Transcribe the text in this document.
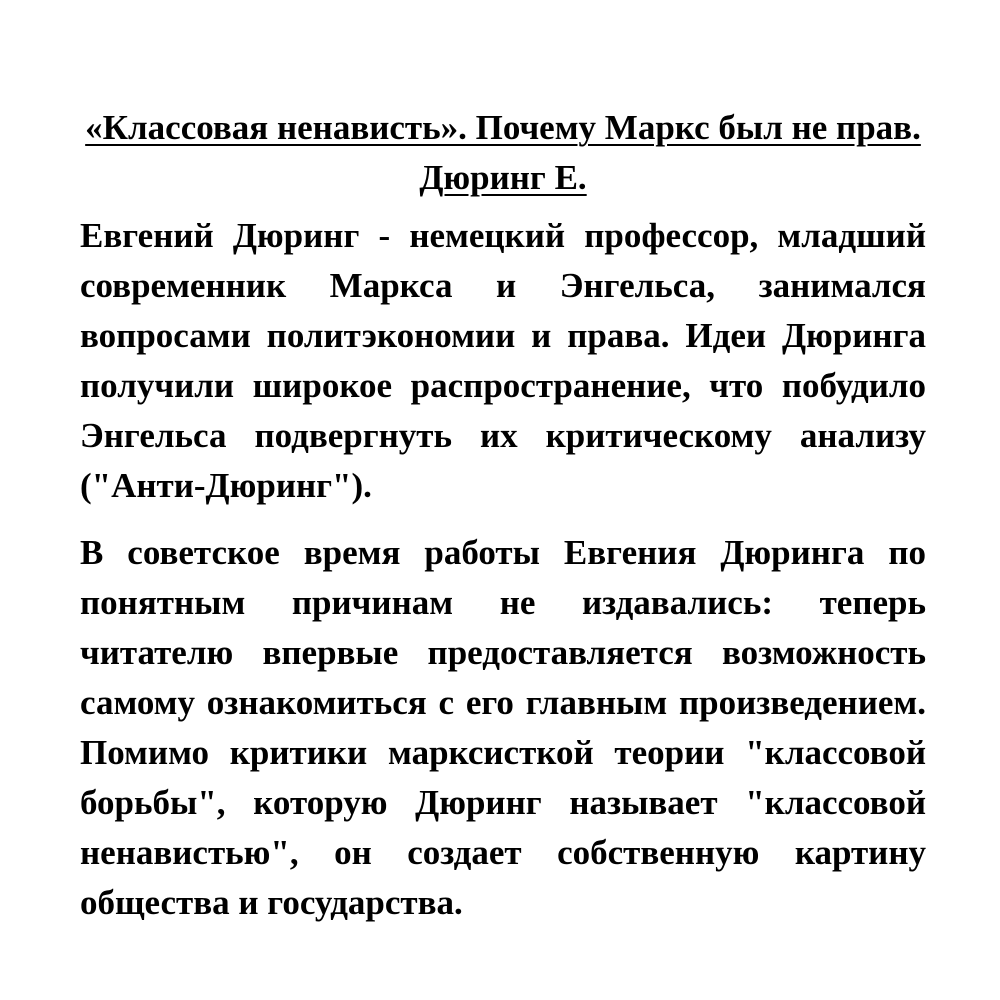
«Классовая ненависть». Почему Маркс был не прав. Дюринг Е.

Евгений Дюринг - немецкий профессор, младший современник Маркса и Энгельса, занимался вопросами политэкономии и права. Идеи Дюринга получили широкое распространение, что побудило Энгельса подвергнуть их критическому анализу ("Анти-Дюринг").

В советское время работы Евгения Дюринга по понятным причинам не издавались: теперь читателю впервые предоставляется возможность самому ознакомиться с его главным произведением. Помимо критики марксисткой теории "классовой борьбы", которую Дюринг называет "классовой ненавистью", он создает собственную картину общества и государства.
